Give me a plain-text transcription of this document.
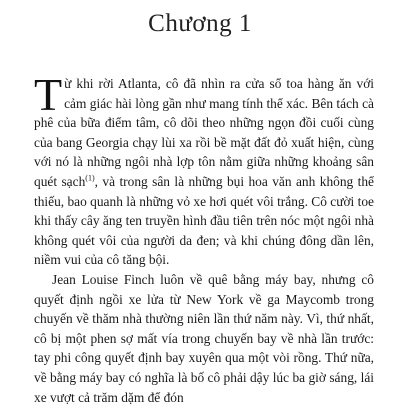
Chương 1

Từ khi rời Atlanta, cô đã nhìn ra cửa sổ toa hàng ăn với cảm giác hài lòng gần như mang tính thể xác. Bên tách cà phê của bữa điểm tâm, cô dõi theo những ngọn đồi cuối cùng của bang Georgia chạy lùi xa rồi bề mặt đất đỏ xuất hiện, cùng với nó là những ngôi nhà lợp tôn nằm giữa những khoảng sân quét sạch$^{(1)}$, và trong sân là những bụi hoa văn anh không thể thiếu, bao quanh là những vỏ xe hơi quét vôi trắng. Cô cười toe khi thấy cây ăng ten truyền hình đầu tiên trên nóc một ngôi nhà không quét vôi của người da đen; và khi chúng đông dần lên, niềm vui của cô tăng bội.

Jean Louise Finch luôn về quê bằng máy bay, nhưng cô quyết định ngồi xe lửa từ New York về ga Maycomb trong chuyến về thăm nhà thường niên lần thứ năm này. Vì, thứ nhất, cô bị một phen sợ mất vía trong chuyến bay về nhà lần trước: tay phi công quyết định bay xuyên qua một vòi rồng. Thứ nữa, về bằng máy bay có nghĩa là bố cô phải dậy lúc ba giờ sáng, lái xe vượt cả trăm dặm để đón
